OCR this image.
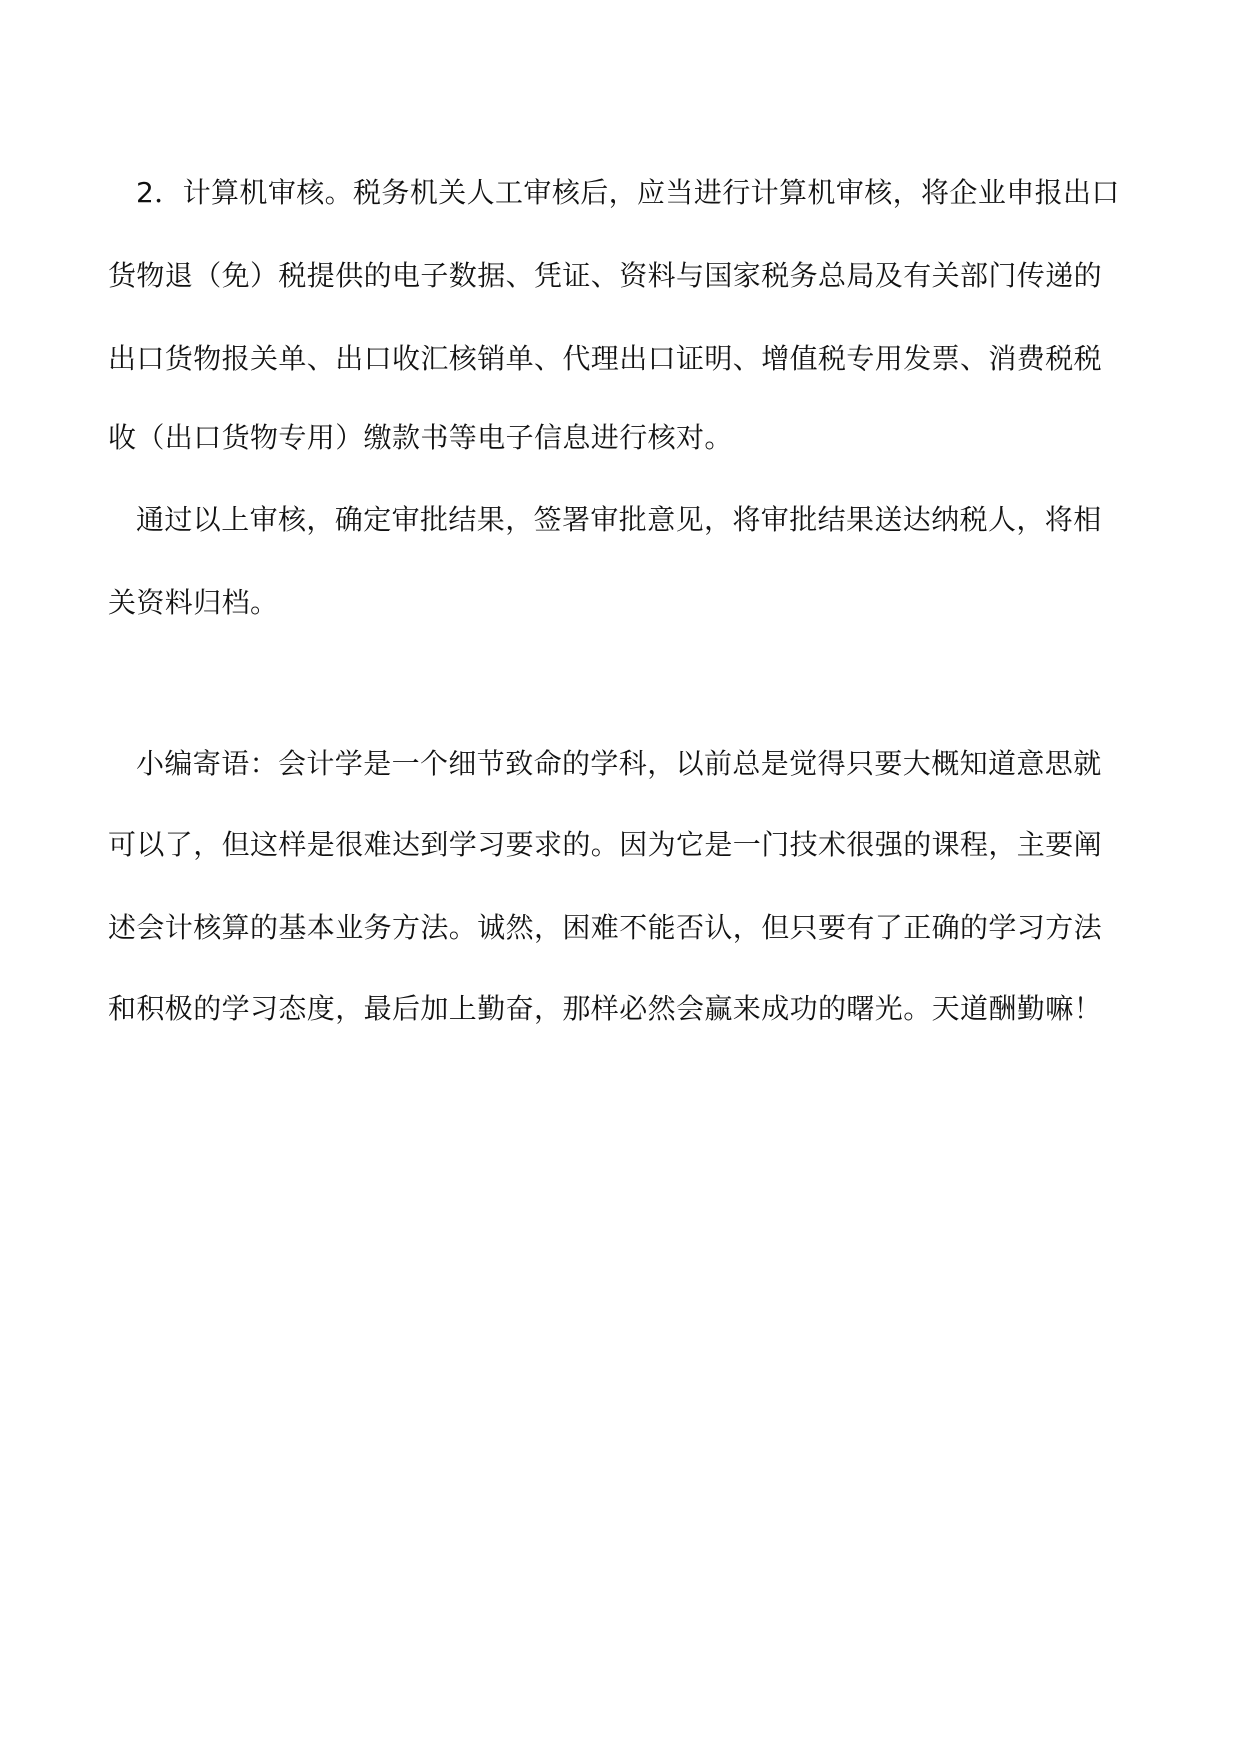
2．计算机审核。税务机关人工审核后，应当进行计算机审核，将企业申报出口
货物退（免）税提供的电子数据、凭证、资料与国家税务总局及有关部门传递的
出口货物报关单、出口收汇核销单、代理出口证明、增值税专用发票、消费税税
收（出口货物专用）缴款书等电子信息进行核对。
通过以上审核，确定审批结果，签署审批意见，将审批结果送达纳税人，将相
关资料归档。
小编寄语：会计学是一个细节致命的学科，以前总是觉得只要大概知道意思就
可以了，但这样是很难达到学习要求的。因为它是一门技术很强的课程，主要阐
述会计核算的基本业务方法。诚然，困难不能否认，但只要有了正确的学习方法
和积极的学习态度，最后加上勤奋，那样必然会赢来成功的曙光。天道酬勤嘛！
